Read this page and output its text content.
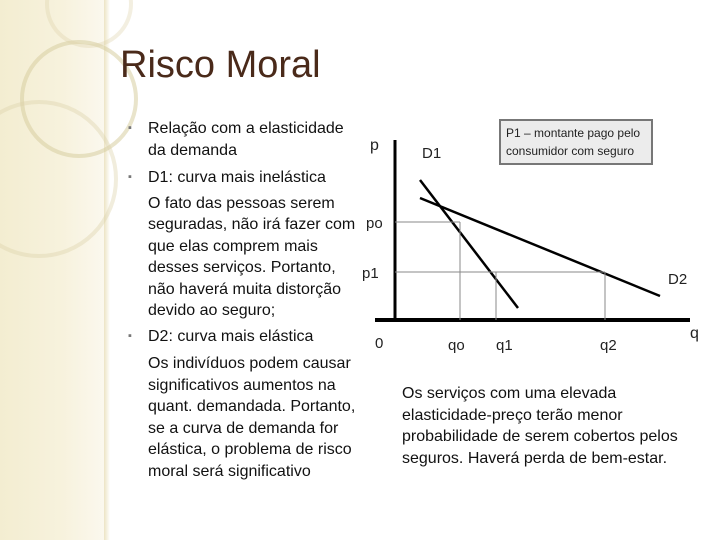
Risco Moral
▪ Relação com a elasticidade da demanda
▪ D1: curva mais inelástica
O fato das pessoas serem seguradas, não irá fazer com que elas comprem mais desses serviços. Portanto, não haverá muita distorção devido ao seguro;
▪ D2: curva mais elástica
Os indivíduos podem causar significativos aumentos na quant. demandada. Portanto, se a curva de demanda for elástica, o problema de risco moral será significativo
Os serviços com uma elevada elasticidade-preço terão menor probabilidade de serem cobertos pelos seguros. Haverá perda de bem-estar.
p
q
0
D1
D2
po
p1
qo q1	q2
P1 – montante pago pelo
consumidor com seguro
